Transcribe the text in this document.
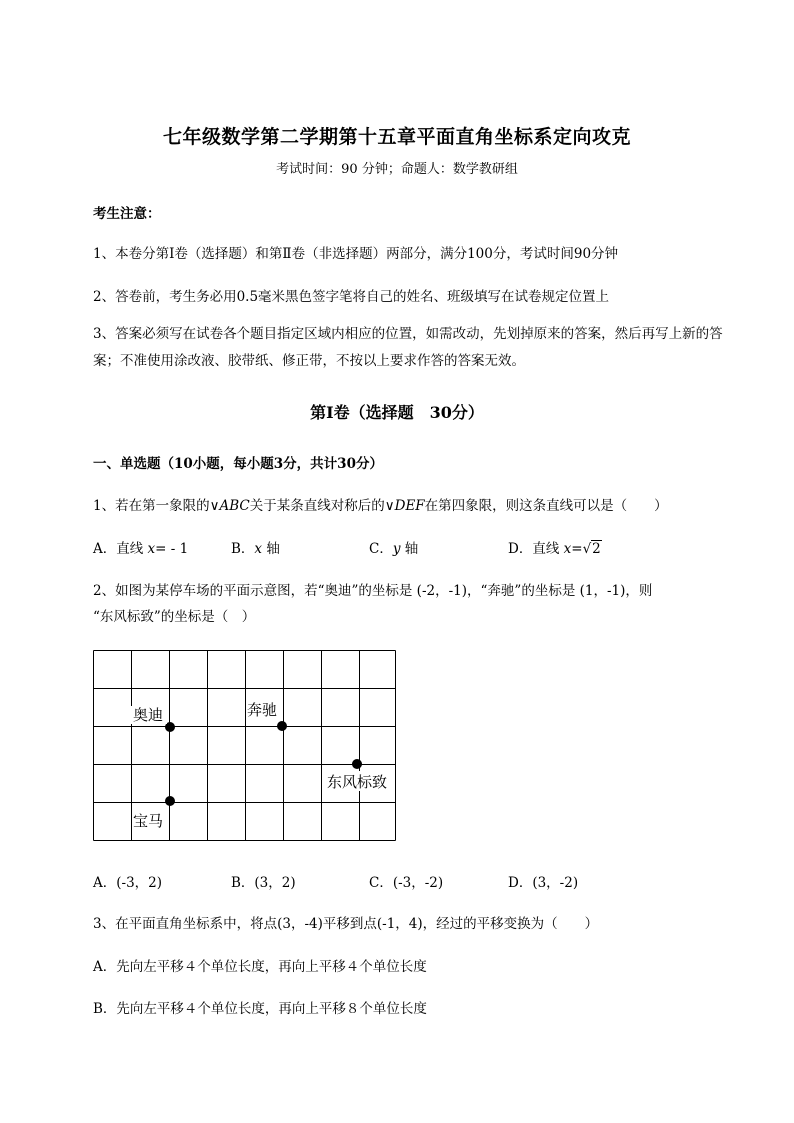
七年级数学第二学期第十五章平面直角坐标系定向攻克
考试时间：90 分钟；命题人：数学教研组
考生注意：
1、本卷分第Ⅰ卷（选择题）和第Ⅱ卷（非选择题）两部分，满分100分，考试时间90分钟
2、答卷前，考生务必用0.5毫米黑色签字笔将自己的姓名、班级填写在试卷规定位置上
3、答案必须写在试卷各个题目指定区域内相应的位置，如需改动，先划掉原来的答案，然后再写上新的答案；不准使用涂改液、胶带纸、修正带，不按以上要求作答的答案无效。
第Ⅰ卷（选择题　30分）
一、单选题（10小题，每小题3分，共计30分）
1、若在第一象限的∨ABC关于某条直线对称后的∨DEF在第四象限，则这条直线可以是（　　）
A．直线 x= - 1	B．x 轴	C．y 轴	D．直线 x=√2
2、如图为某停车场的平面示意图，若“奥迪”的坐标是 (-2，-1)，“奔驰”的坐标是 (1，-1)，则
“东风标致”的坐标是（　）
奥迪	奔驰
东风标致
宝马
A．(-3，2)	B．(3，2)	C．(-3，-2)	D．(3，-2)
3、在平面直角坐标系中，将点(3，-4)平移到点(-1，4)，经过的平移变换为（　　）
A．先向左平移４个单位长度，再向上平移４个单位长度
B．先向左平移４个单位长度，再向上平移８个单位长度
